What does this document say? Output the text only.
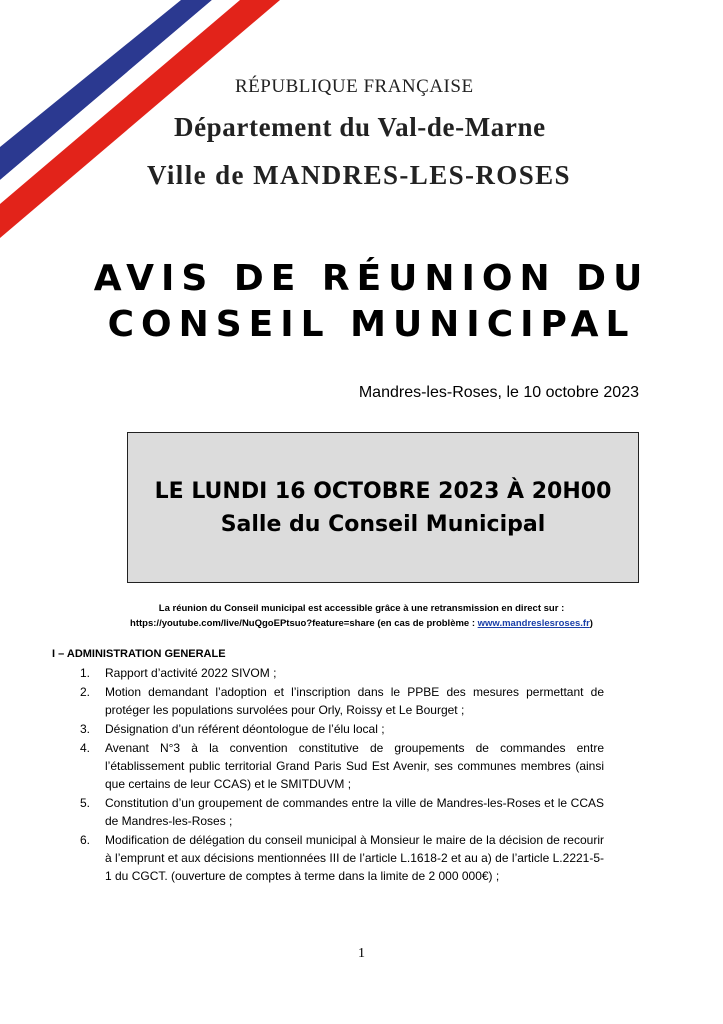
RÉPUBLIQUE FRANÇAISE
Département du Val-de-Marne
Ville de MANDRES-LES-ROSES
AVIS DE RÉUNION DU
CONSEIL MUNICIPAL
Mandres-les-Roses, le 10 octobre 2023
LE LUNDI 16 OCTOBRE 2023 À 20H00
Salle du Conseil Municipal
La réunion du Conseil municipal est accessible grâce à une retransmission en direct sur :
https://youtube.com/live/NuQgoEPtsuo?feature=share (en cas de problème : www.mandreslesroses.fr)
I – ADMINISTRATION GENERALE
1. Rapport d’activité 2022 SIVOM ;
2. Motion demandant l’adoption et l’inscription dans le PPBE des mesures permettant de protéger les populations survolées pour Orly, Roissy et Le Bourget ;
3. Désignation d’un référent déontologue de l’élu local ;
4. Avenant N°3 à la convention constitutive de groupements de commandes entre l’établissement public territorial Grand Paris Sud Est Avenir, ses communes membres (ainsi que certains de leur CCAS) et le SMITDUVM ;
5. Constitution d’un groupement de commandes entre la ville de Mandres-les-Roses et le CCAS de Mandres-les-Roses ;
6. Modification de délégation du conseil municipal à Monsieur le maire de la décision de recourir à l’emprunt et aux décisions mentionnées III de l’article L.1618-2 et au a) de l’article L.2221-5-1 du CGCT. (ouverture de comptes à terme dans la limite de 2 000 000€) ;
1
